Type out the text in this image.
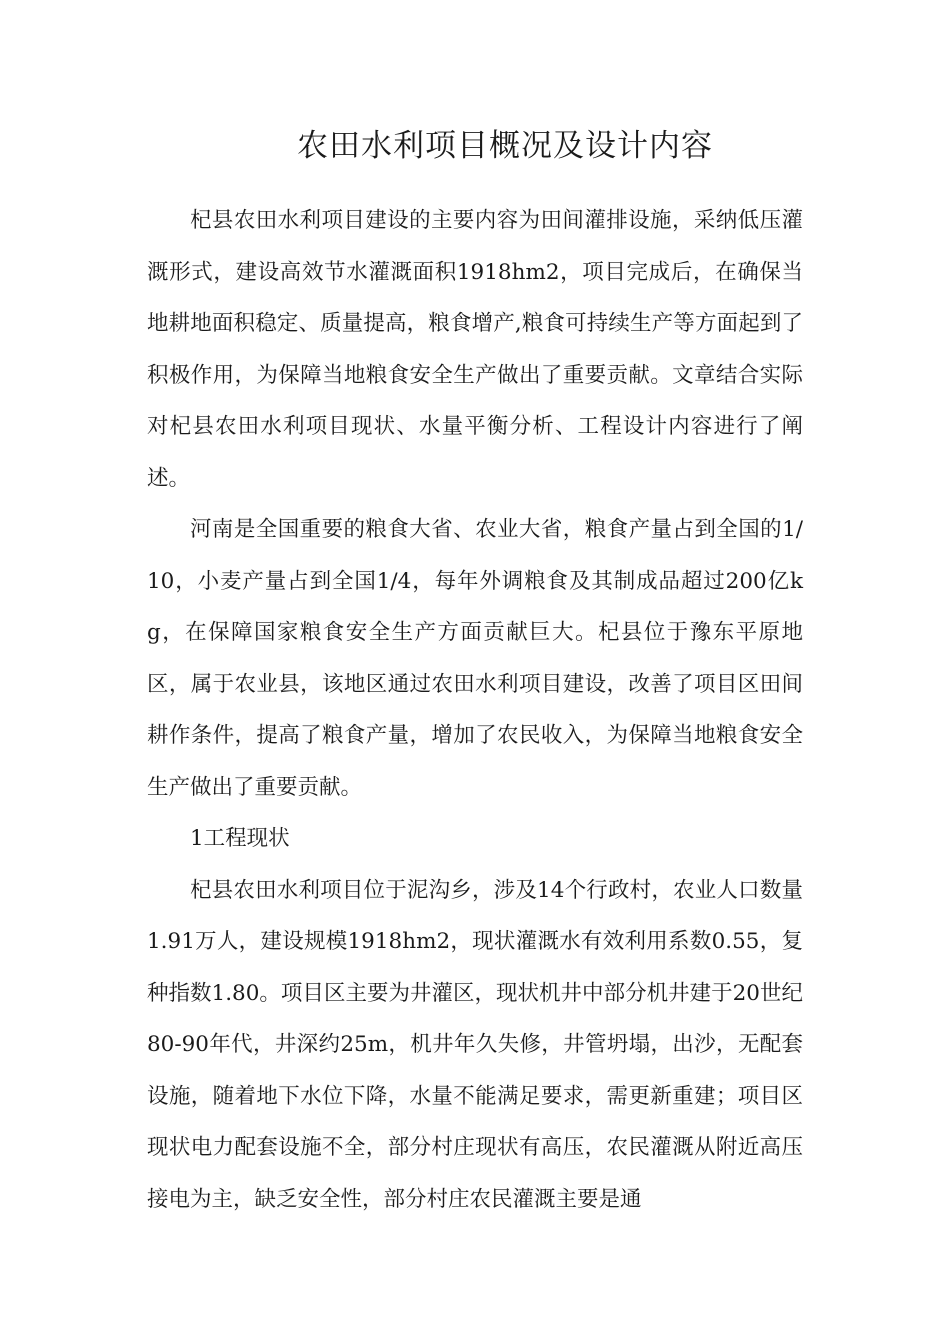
农田水利项目概况及设计内容

杞县农田水利项目建设的主要内容为田间灌排设施，采纳低压灌溉形式，建设高效节水灌溉面积1918hm2，项目完成后，在确保当地耕地面积稳定、质量提高，粮食增产,粮食可持续生产等方面起到了积极作用，为保障当地粮食安全生产做出了重要贡献。文章结合实际对杞县农田水利项目现状、水量平衡分析、工程设计内容进行了阐述。

河南是全国重要的粮食大省、农业大省，粮食产量占到全国的1/10，小麦产量占到全国1/4，每年外调粮食及其制成品超过200亿kg，在保障国家粮食安全生产方面贡献巨大。杞县位于豫东平原地区，属于农业县，该地区通过农田水利项目建设，改善了项目区田间耕作条件，提高了粮食产量，增加了农民收入，为保障当地粮食安全生产做出了重要贡献。

1工程现状

杞县农田水利项目位于泥沟乡，涉及14个行政村，农业人口数量1.91万人，建设规模1918hm2，现状灌溉水有效利用系数0.55，复种指数1.80。项目区主要为井灌区，现状机井中部分机井建于20世纪80-90年代，井深约25m，机井年久失修，井管坍塌，出沙，无配套设施，随着地下水位下降，水量不能满足要求，需更新重建；项目区现状电力配套设施不全，部分村庄现状有高压，农民灌溉从附近高压接电为主，缺乏安全性，部分村庄农民灌溉主要是通
